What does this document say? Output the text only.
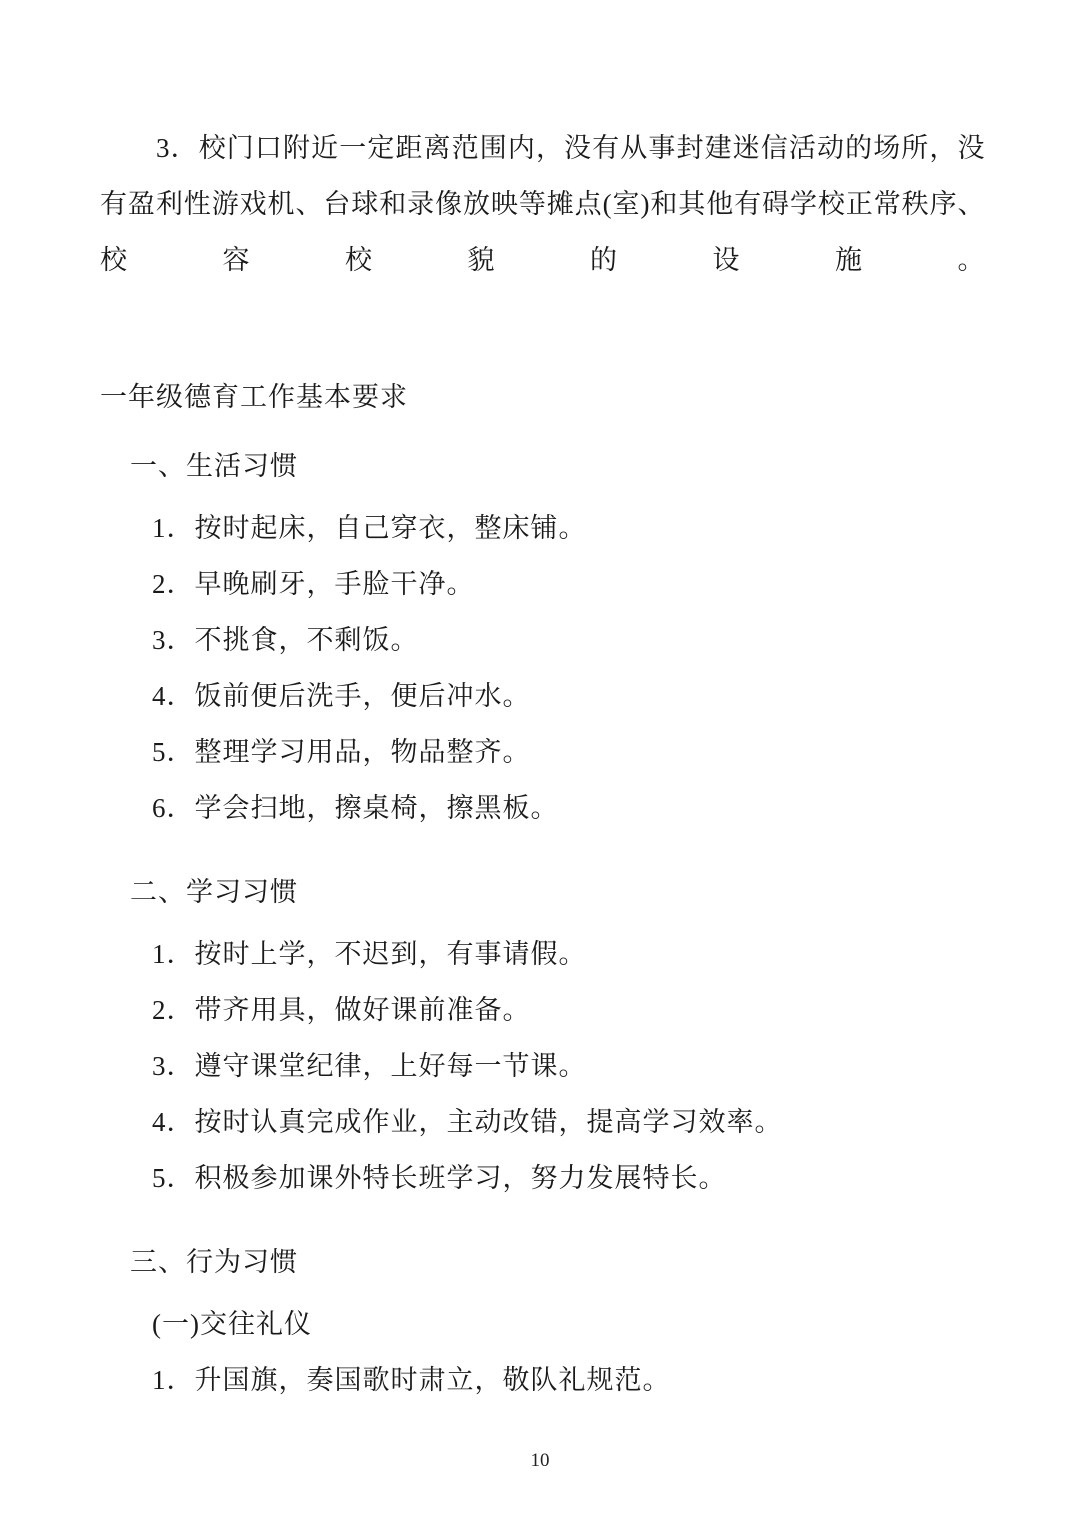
3．校门口附近一定距离范围内，没有从事封建迷信活动的场所，没有盈利性游戏机、台球和录像放映等摊点(室)和其他有碍学校正常秩序、校容校貌的设施。

一年级德育工作基本要求

一、生活习惯

1．按时起床，自己穿衣，整床铺。

2．早晚刷牙，手脸干净。

3．不挑食，不剩饭。

4．饭前便后洗手，便后冲水。

5．整理学习用品，物品整齐。

6．学会扫地，擦桌椅，擦黑板。

二、学习习惯

1．按时上学，不迟到，有事请假。

2．带齐用具，做好课前准备。

3．遵守课堂纪律，上好每一节课。

4．按时认真完成作业，主动改错，提高学习效率。

5．积极参加课外特长班学习，努力发展特长。

三、行为习惯

(一)交往礼仪

1．升国旗，奏国歌时肃立，敬队礼规范。

10
